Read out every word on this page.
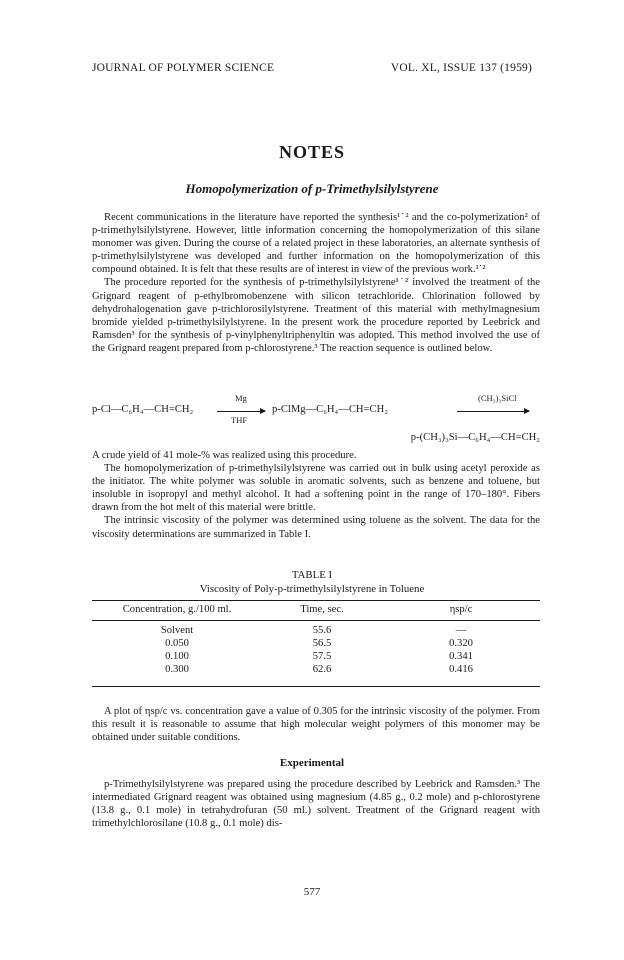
JOURNAL OF POLYMER SCIENCE	VOL. XL, ISSUE 137 (1959)
NOTES
Homopolymerization of p-Trimethylsilylstyrene

Recent communications in the literature have reported the synthesis¹˙² and the co-polymerization² of p-trimethylsilylstyrene. However, little information concerning the homopolymerization of this silane monomer was given. During the course of a related project in these laboratories, an alternate synthesis of p-trimethylsilylstyrene was developed and further information on the homopolymerization of this compound obtained. It is felt that these results are of interest in view of the previous work.¹˙²

The procedure reported for the synthesis of p-trimethylsilylstyrene¹˙² involved the treatment of the Grignard reagent of p-ethylbromobenzene with silicon tetrachloride. Chlorination followed by dehydrohalogenation gave p-trichlorosilylstyrene. Treatment of this material with methylmagnesium bromide yielded p-trimethylsilylstyrene. In the present work the procedure reported by Leebrick and Ramsden³ for the synthesis of p-vinylphenyltriphenyltin was adopted. This method involved the use of the Grignard reagent prepared from p-chlorostyrene.³ The reaction sequence is outlined below.

p-Cl—C₆H₄—CH=CH₂
Mg
THF
p-ClMg—C₆H₄—CH=CH₂
(CH₃)₃SiCl
p-(CH₃)₃Si—C₆H₄—CH=CH₂

A crude yield of 41 mole-% was realized using this procedure.

The homopolymerization of p-trimethylsilylstyrene was carried out in bulk using acetyl peroxide as the initiator. The white polymer was soluble in aromatic solvents, such as benzene and toluene, but insoluble in isopropyl and methyl alcohol. It had a softening point in the range of 170–180°. Fibers drawn from the hot melt of this material were brittle.

The intrinsic viscosity of the polymer was determined using toluene as the solvent. The data for the viscosity determinations are summarized in Table I.

TABLE I
Viscosity of Poly-p-trimethylsilylstyrene in Toluene
Concentration, g./100 ml.	Time, sec.	ηsp/c
Solvent	55.6	—
0.050	56.5	0.320
0.100	57.5	0.341
0.300	62.6	0.416

A plot of ηsp/c vs. concentration gave a value of 0.305 for the intrinsic viscosity of the polymer. From this result it is reasonable to assume that high molecular weight polymers of this monomer may be obtained under suitable conditions.

Experimental

p-Trimethylsilylstyrene was prepared using the procedure described by Leebrick and Ramsden.³ The intermediated Grignard reagent was obtained using magnesium (4.85 g., 0.2 mole) and p-chlorostyrene (13.8 g., 0.1 mole) in tetrahydrofuran (50 ml.) solvent. Treatment of the Grignard reagent with trimethylchlorosilane (10.8 g., 0.1 mole) dis-

577
